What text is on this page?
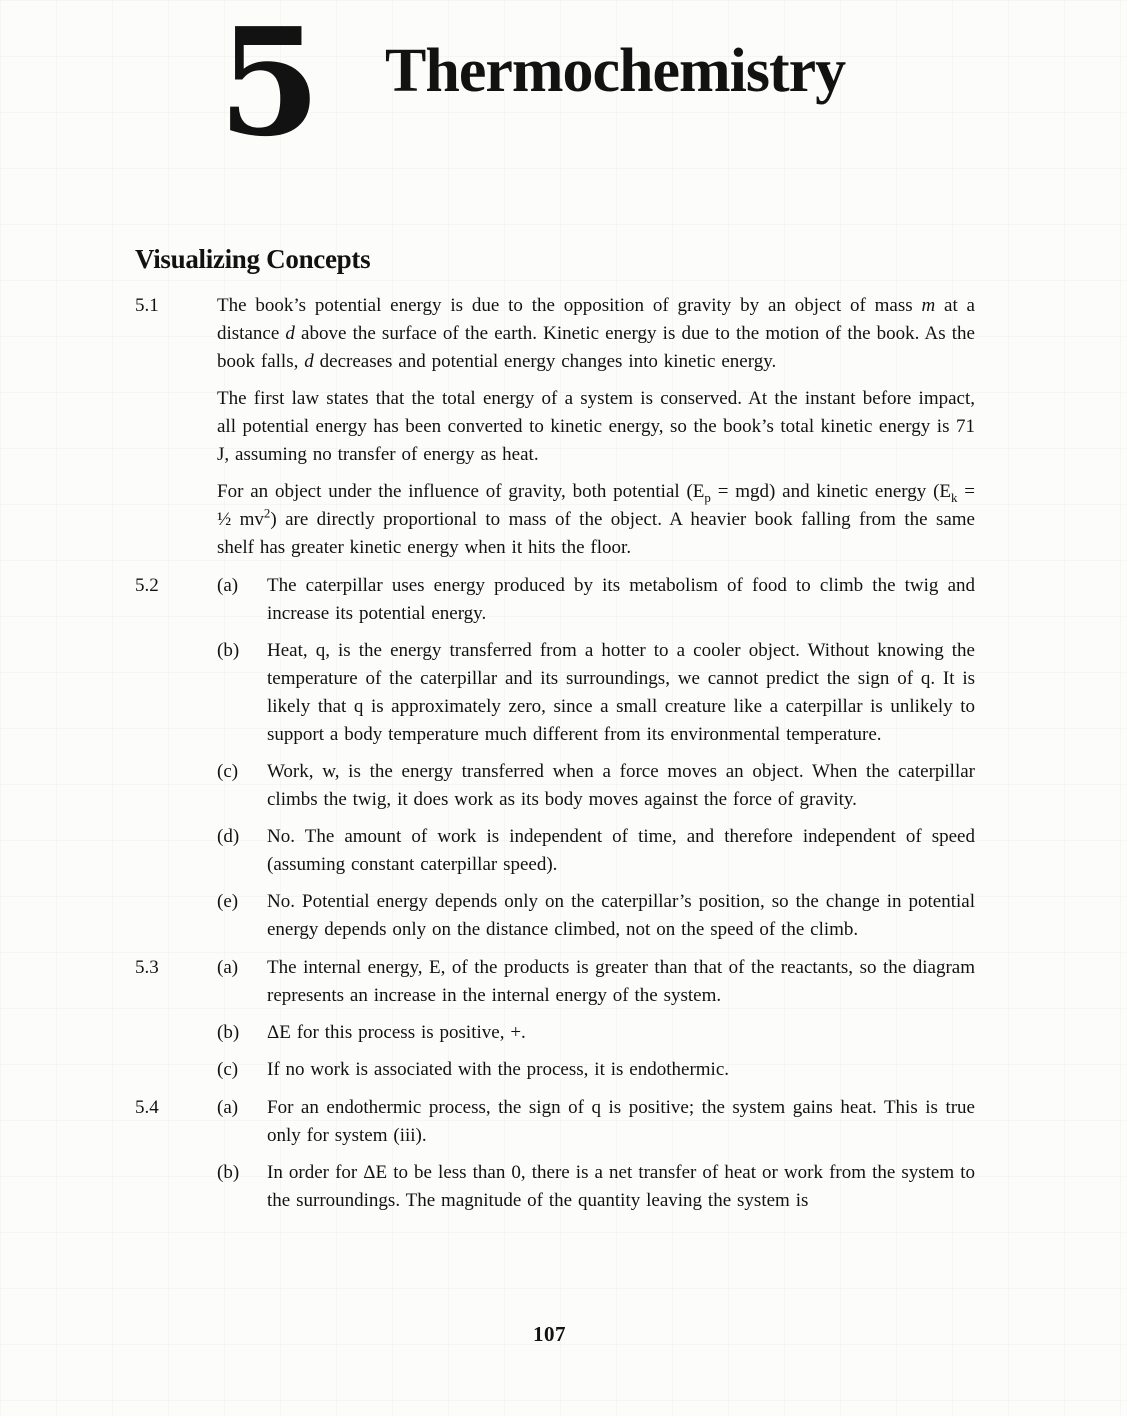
5 Thermochemistry
Visualizing Concepts
5.1	The book’s potential energy is due to the opposition of gravity by an object of mass m at a distance d above the surface of the earth. Kinetic energy is due to the motion of the book. As the book falls, d decreases and potential energy changes into kinetic energy.

The first law states that the total energy of a system is conserved. At the instant before impact, all potential energy has been converted to kinetic energy, so the book’s total kinetic energy is 71 J, assuming no transfer of energy as heat.

For an object under the influence of gravity, both potential $(E_p = mgd)$ and kinetic energy ($E_k$ = ½ $mv^2$) are directly proportional to mass of the object. A heavier book falling from the same shelf has greater kinetic energy when it hits the floor.

5.2	(a)	The caterpillar uses energy produced by its metabolism of food to climb the twig and increase its potential energy.
(b)	Heat, q, is the energy transferred from a hotter to a cooler object. Without knowing the temperature of the caterpillar and its surroundings, we cannot predict the sign of q. It is likely that q is approximately zero, since a small creature like a caterpillar is unlikely to support a body temperature much different from its environmental temperature.
(c)	Work, w, is the energy transferred when a force moves an object. When the caterpillar climbs the twig, it does work as its body moves against the force of gravity.
(d)	No. The amount of work is independent of time, and therefore independent of speed (assuming constant caterpillar speed).
(e)	No. Potential energy depends only on the caterpillar’s position, so the change in potential energy depends only on the distance climbed, not on the speed of the climb.
5.3	(a)	The internal energy, E, of the products is greater than that of the reactants, so the diagram represents an increase in the internal energy of the system.
(b)	ΔE for this process is positive, +.
(c)	If no work is associated with the process, it is endothermic.
5.4	(a)	For an endothermic process, the sign of q is positive; the system gains heat. This is true only for system (iii).
(b)	In order for ΔE to be less than 0, there is a net transfer of heat or work from the system to the surroundings. The magnitude of the quantity leaving the system is
107
